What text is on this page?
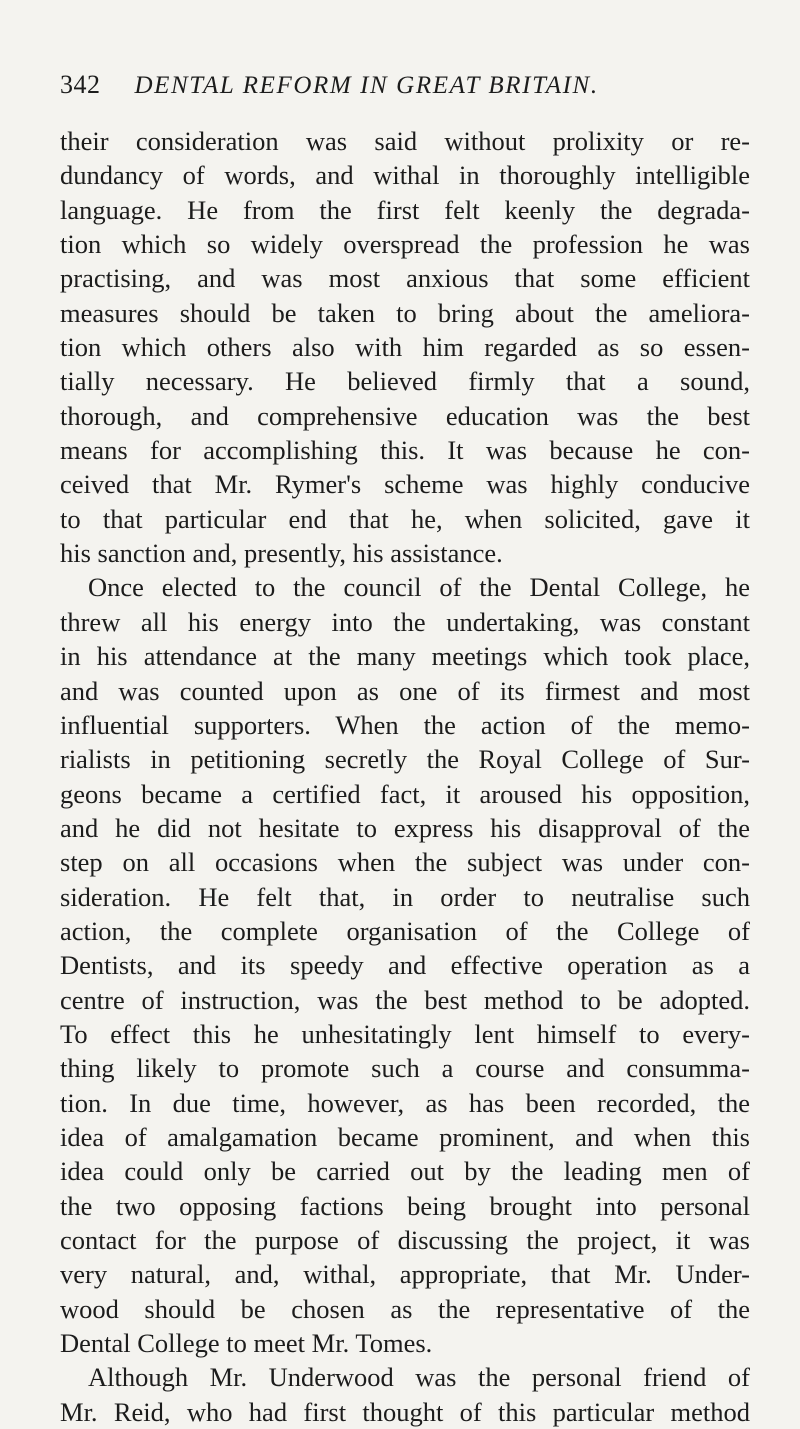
342 DENTAL REFORM IN GREAT BRITAIN.
their consideration was said without prolixity or re-
dundancy of words, and withal in thoroughly intelligible
language. He from the first felt keenly the degrada-
tion which so widely overspread the profession he was
practising, and was most anxious that some efficient
measures should be taken to bring about the ameliora-
tion which others also with him regarded as so essen-
tially necessary. He believed firmly that a sound,
thorough, and comprehensive education was the best
means for accomplishing this. It was because he con-
ceived that Mr. Rymer's scheme was highly conducive
to that particular end that he, when solicited, gave it
his sanction and, presently, his assistance.
Once elected to the council of the Dental College, he
threw all his energy into the undertaking, was constant
in his attendance at the many meetings which took place,
and was counted upon as one of its firmest and most
influential supporters. When the action of the memo-
rialists in petitioning secretly the Royal College of Sur-
geons became a certified fact, it aroused his opposition,
and he did not hesitate to express his disapproval of the
step on all occasions when the subject was under con-
sideration. He felt that, in order to neutralise such
action, the complete organisation of the College of
Dentists, and its speedy and effective operation as a
centre of instruction, was the best method to be adopted.
To effect this he unhesitatingly lent himself to every-
thing likely to promote such a course and consumma-
tion. In due time, however, as has been recorded, the
idea of amalgamation became prominent, and when this
idea could only be carried out by the leading men of
the two opposing factions being brought into personal
contact for the purpose of discussing the project, it was
very natural, and, withal, appropriate, that Mr. Under-
wood should be chosen as the representative of the
Dental College to meet Mr. Tomes.
Although Mr. Underwood was the personal friend of
Mr. Reid, who had first thought of this particular method
